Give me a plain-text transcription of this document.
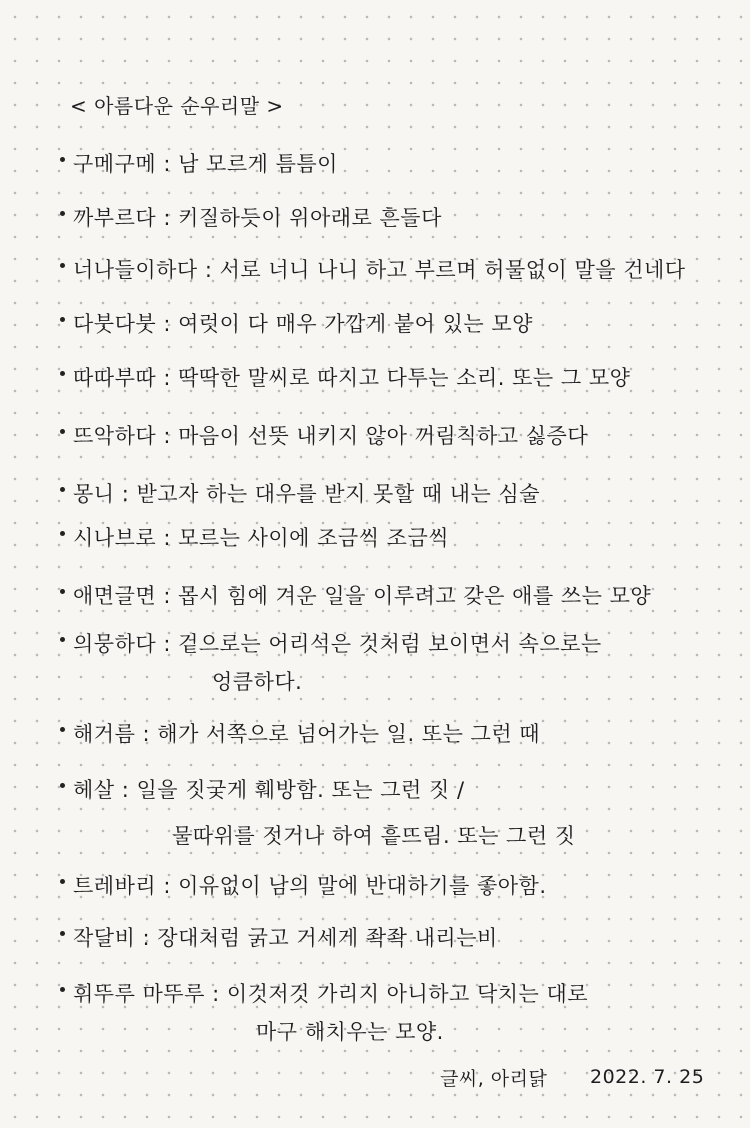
< 아름다운 순우리말 >
구메구메 : 남 모르게 틈틈이
까부르다 : 키질하듯이 위아래로 흔들다
너나들이하다 : 서로 너니 나니 하고 부르며 허물없이 말을 건네다
다붓다붓 : 여럿이 다 매우 가깝게 붙어 있는 모양
따따부따 : 딱딱한 말씨로 따지고 다투는 소리. 또는 그 모양
뜨악하다 : 마음이 선뜻 내키지 않아 꺼림칙하고 싫증다
몽니 : 받고자 하는 대우를 받지 못할 때 내는 심술
시나브로 : 모르는 사이에 조금씩 조금씩
애면글면 : 몹시 힘에 겨운 일을 이루려고 갖은 애를 쓰는 모양
의뭉하다 : 겉으로는 어리석은 것처럼 보이면서 속으로는
엉큼하다.
해거름 : 해가 서쪽으로 넘어가는 일. 또는 그런 때
헤살 : 일을 짓궂게 훼방함. 또는 그런 짓 /
물따위를 젓거나 하여 흩뜨림. 또는 그런 짓
트레바리 : 이유없이 남의 말에 반대하기를 좋아함.
작달비 : 장대처럼 굵고 거세게 좍좍 내리는비
휘뚜루 마뚜루 : 이것저것 가리지 아니하고 닥치는 대로
마구 해치우는 모양.
글씨, 아리닭 2022. 7. 25
